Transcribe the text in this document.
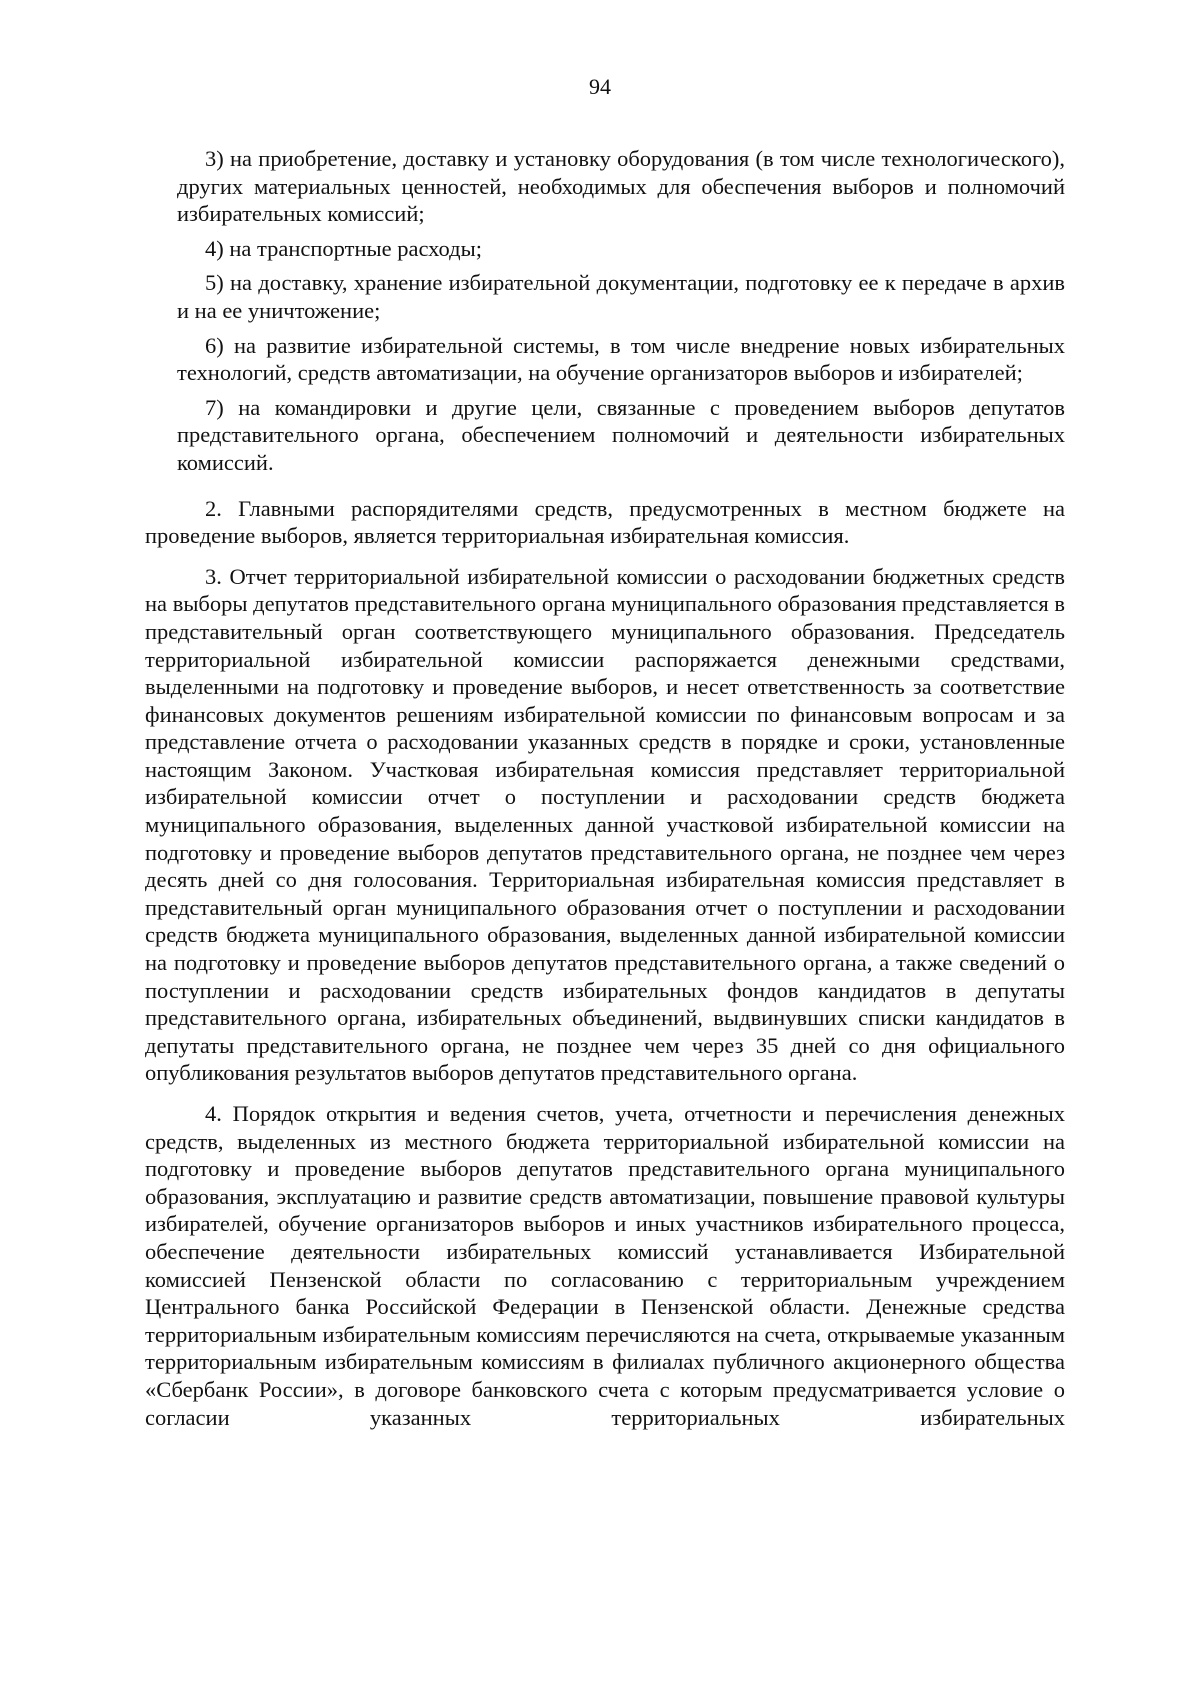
94

3) на приобретение, доставку и установку оборудования (в том числе технологического), других материальных ценностей, необходимых для обеспечения выборов и полномочий избирательных комиссий;

4) на транспортные расходы;

5) на доставку, хранение избирательной документации, подготовку ее к передаче в архив и на ее уничтожение;

6) на развитие избирательной системы, в том числе внедрение новых избирательных технологий, средств автоматизации, на обучение организаторов выборов и избирателей;

7) на командировки и другие цели, связанные с проведением выборов депутатов представительного органа, обеспечением полномочий и деятельности избирательных комиссий.

2. Главными распорядителями средств, предусмотренных в местном бюджете на проведение выборов, является территориальная избирательная комиссия.

3. Отчет территориальной избирательной комиссии о расходовании бюджетных средств на выборы депутатов представительного органа муниципального образования представляется в представительный орган соответствующего муниципального образования. Председатель территориальной избирательной комиссии распоряжается денежными средствами, выделенными на подготовку и проведение выборов, и несет ответственность за соответствие финансовых документов решениям избирательной комиссии по финансовым вопросам и за представление отчета о расходовании указанных средств в порядке и сроки, установленные настоящим Законом. Участковая избирательная комиссия представляет территориальной избирательной комиссии отчет о поступлении и расходовании средств бюджета муниципального образования, выделенных данной участковой избирательной комиссии на подготовку и проведение выборов депутатов представительного органа, не позднее чем через десять дней со дня голосования. Территориальная избирательная комиссия представляет в представительный орган муниципального образования отчет о поступлении и расходовании средств бюджета муниципального образования, выделенных данной избирательной комиссии на подготовку и проведение выборов депутатов представительного органа, а также сведений о поступлении и расходовании средств избирательных фондов кандидатов в депутаты представительного органа, избирательных объединений, выдвинувших списки кандидатов в депутаты представительного органа, не позднее чем через 35 дней со дня официального опубликования результатов выборов депутатов представительного органа.

4. Порядок открытия и ведения счетов, учета, отчетности и перечисления денежных средств, выделенных из местного бюджета территориальной избирательной комиссии на подготовку и проведение выборов депутатов представительного органа муниципального образования, эксплуатацию и развитие средств автоматизации, повышение правовой культуры избирателей, обучение организаторов выборов и иных участников избирательного процесса, обеспечение деятельности избирательных комиссий устанавливается Избирательной комиссией Пензенской области по согласованию с территориальным учреждением Центрального банка Российской Федерации в Пензенской области. Денежные средства территориальным избирательным комиссиям перечисляются на счета, открываемые указанным территориальным избирательным комиссиям в филиалах публичного акционерного общества «Сбербанк России», в договоре банковского счета с которым предусматривается условие о согласии указанных территориальных избирательных
